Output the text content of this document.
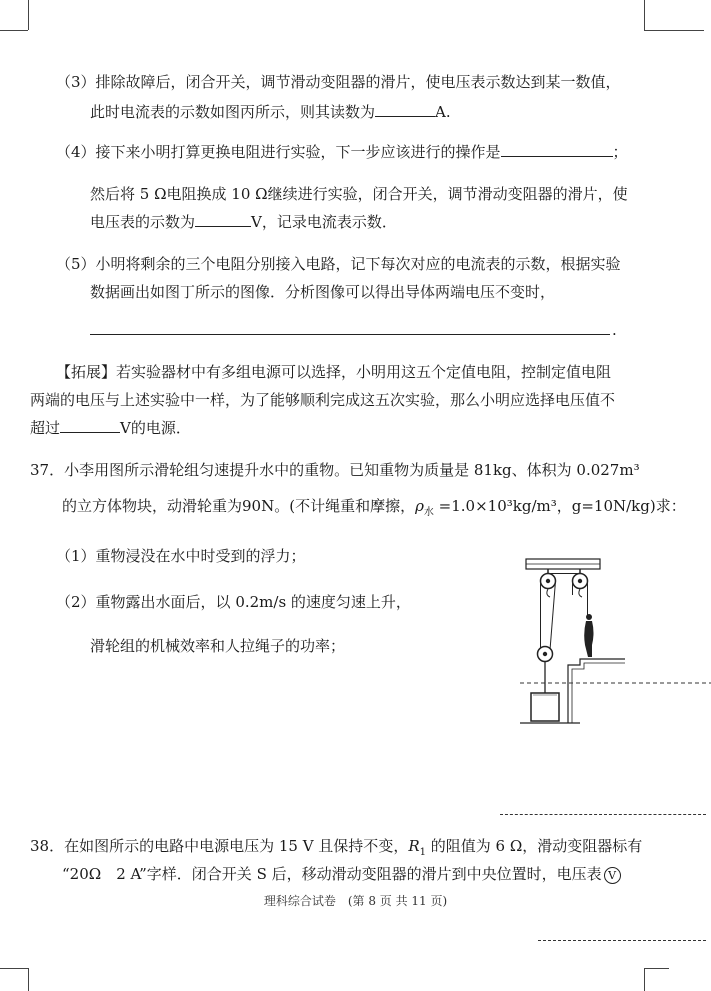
（3）排除故障后，闭合开关，调节滑动变阻器的滑片，使电压表示数达到某一数值，
此时电流表的示数如图丙所示，则其读数为	A.
（4）接下来小明打算更换电阻进行实验，下一步应该进行的操作是	；
然后将 5 Ω电阻换成 10 Ω继续进行实验，闭合开关，调节滑动变阻器的滑片，使
电压表的示数为	V，记录电流表示数．
（5）小明将剩余的三个电阻分别接入电路，记下每次对应的电流表的示数，根据实验
数据画出如图丁所示的图像．分析图像可以得出导体两端电压不变时，
.
【拓展】若实验器材中有多组电源可以选择，小明用这五个定值电阻，控制定值电阻
两端的电压与上述实验中一样，为了能够顺利完成这五次实验，那么小明应选择电压值不
超过	V的电源．
37．小李用图所示滑轮组匀速提升水中的重物。已知重物为质量是 81kg、体积为 0.027m³
的立方体物块，动滑轮重为90N。(不计绳重和摩擦，$\rho_水 =1.0\times 10^3kg/m^3$，g=10N/kg)求：
（1）重物浸没在水中时受到的浮力；
（2）重物露出水面后，以 0.2m/s 的速度匀速上升，
滑轮组的机械效率和人拉绳子的功率；
38．在如图所示的电路中电源电压为 15 V 且保持不变，$R_1$ 的阻值为 6 Ω，滑动变阻器标有
“20Ω　2 A”字样．闭合开关 S 后，移动滑动变阻器的滑片到中央位置时，电压表 V
理科综合试卷　(第 8 页 共 11 页)
